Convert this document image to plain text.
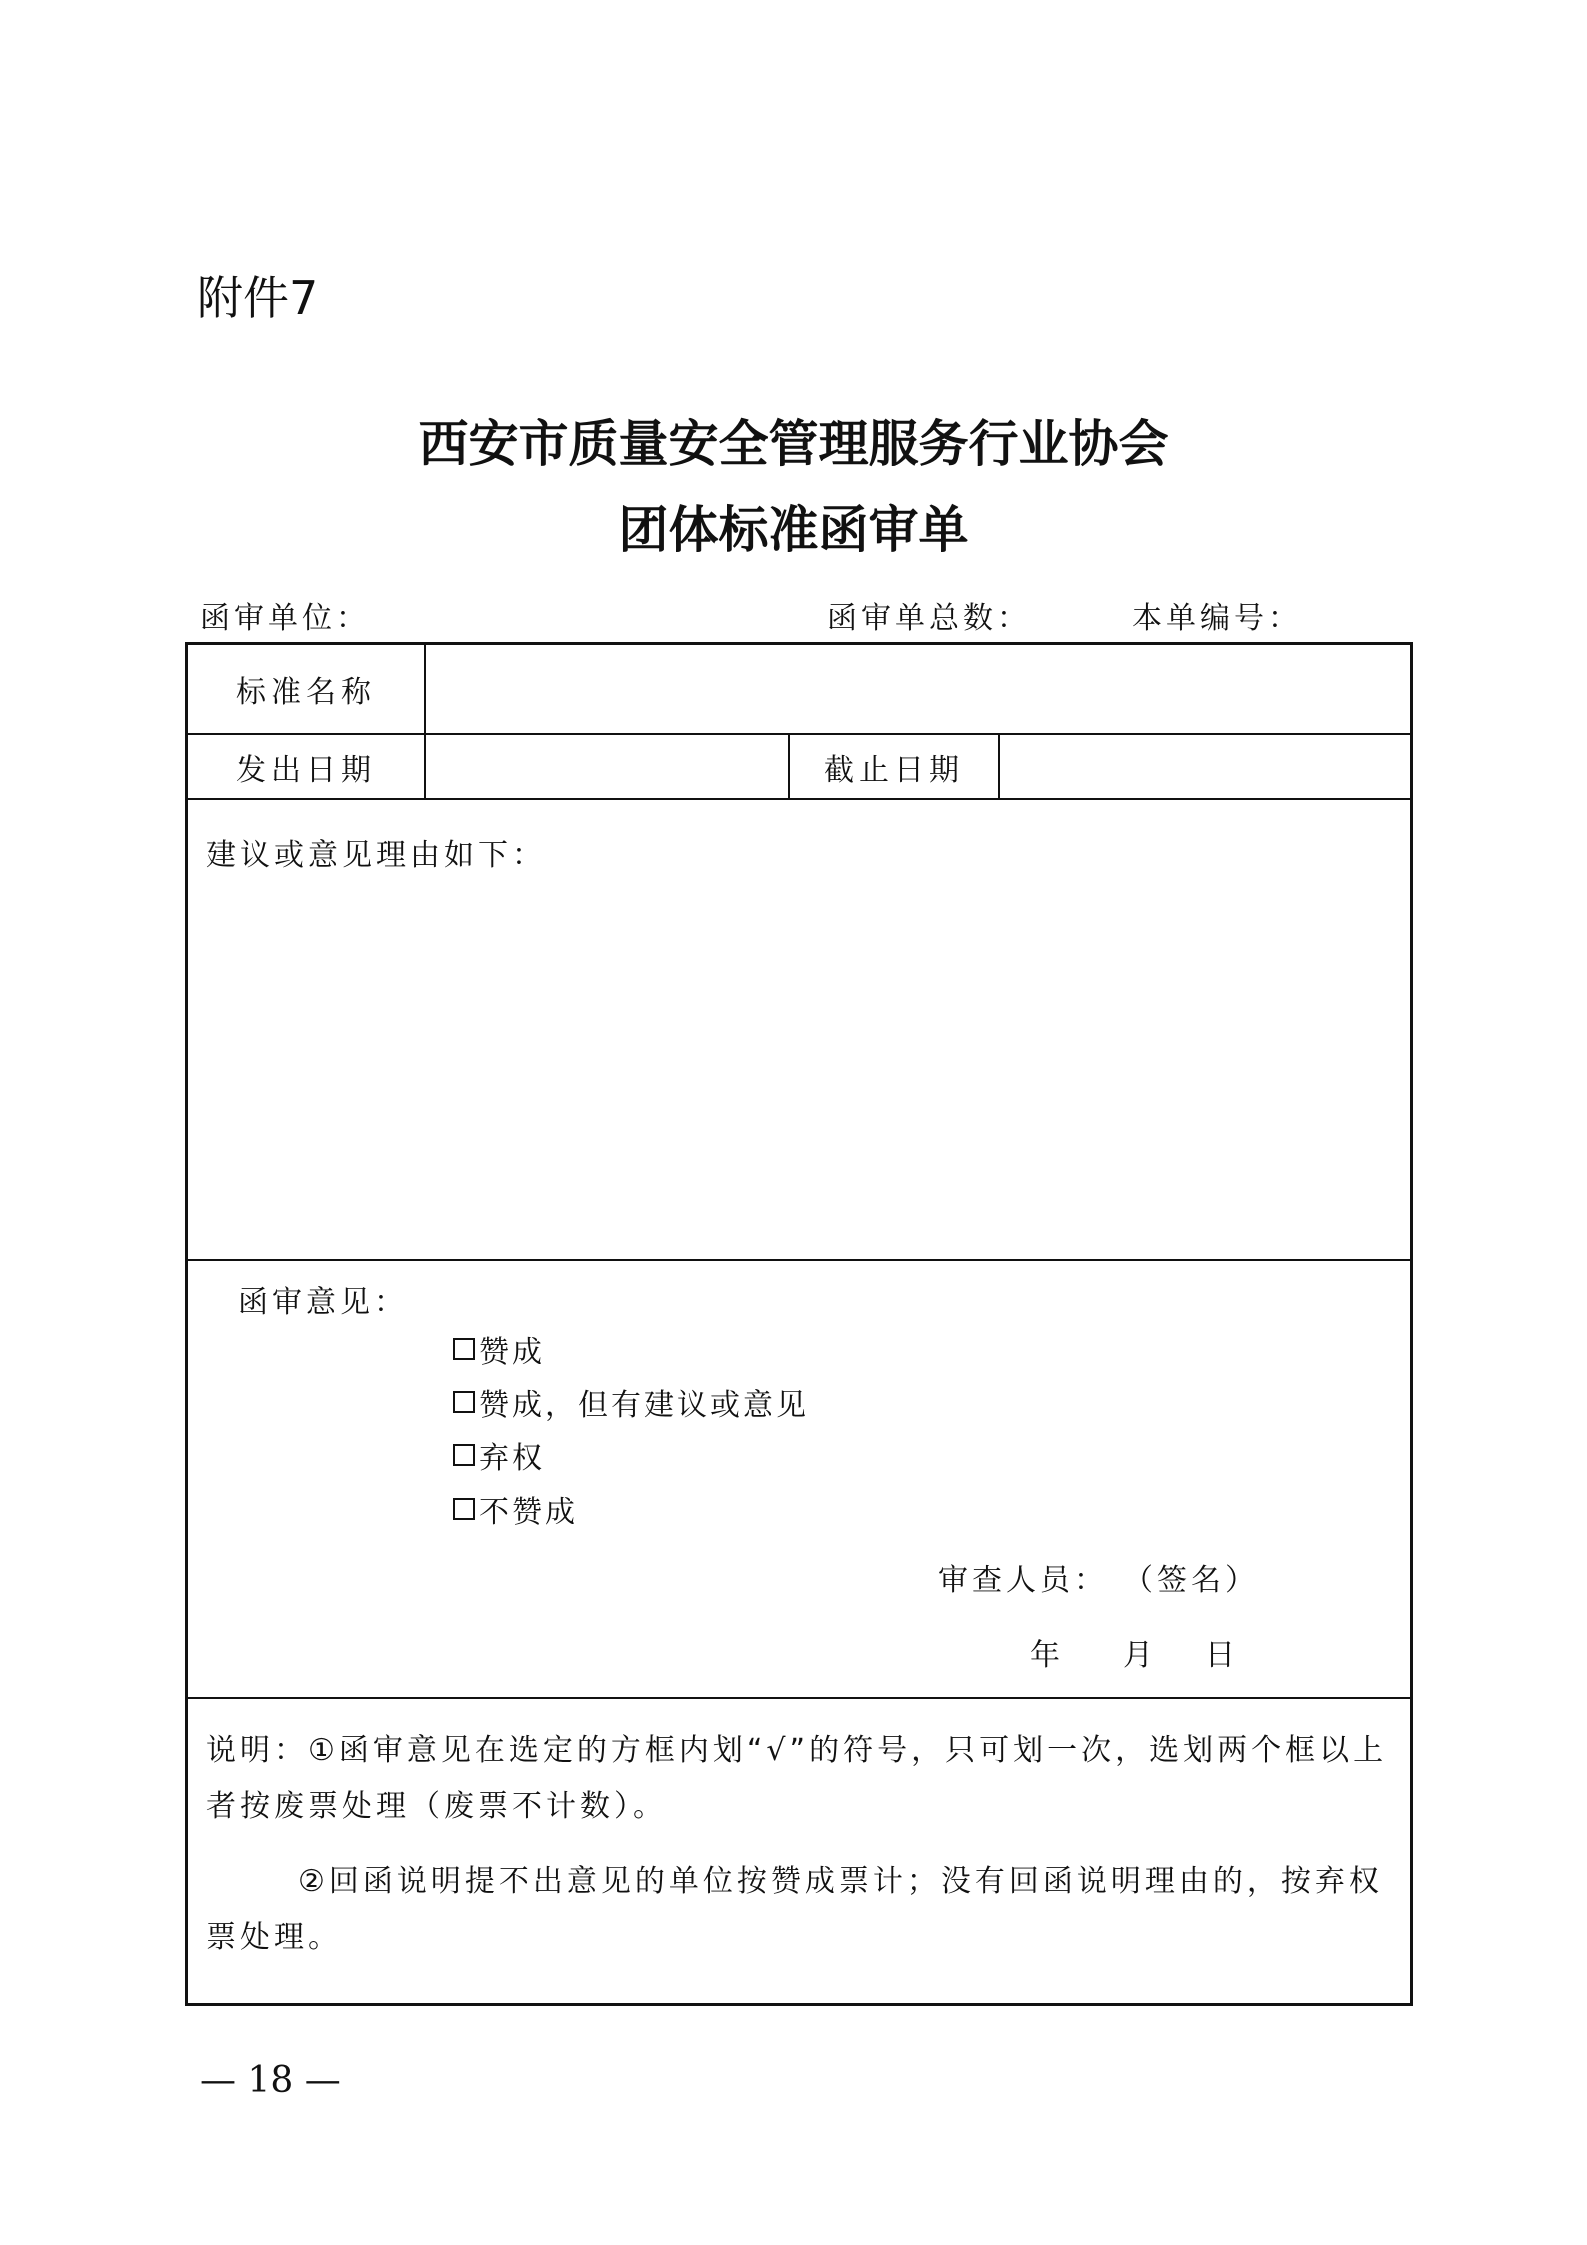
附件7
西安市质量安全管理服务行业协会
团体标准函审单
函审单位：	函审单总数：	本单编号：
标准名称
发出日期	截止日期
建议或意见理由如下：
函审意见：
赞成
赞成，但有建议或意见
弃权
不赞成
审查人员： （签名）
年 月 日
说明：①函审意见在选定的方框内划“√”的符号，只可划一次，选划两个框以上者按废票处理（废票不计数）。
②回函说明提不出意见的单位按赞成票计；没有回函说明理由的，按弃权票处理。
— 18 —
